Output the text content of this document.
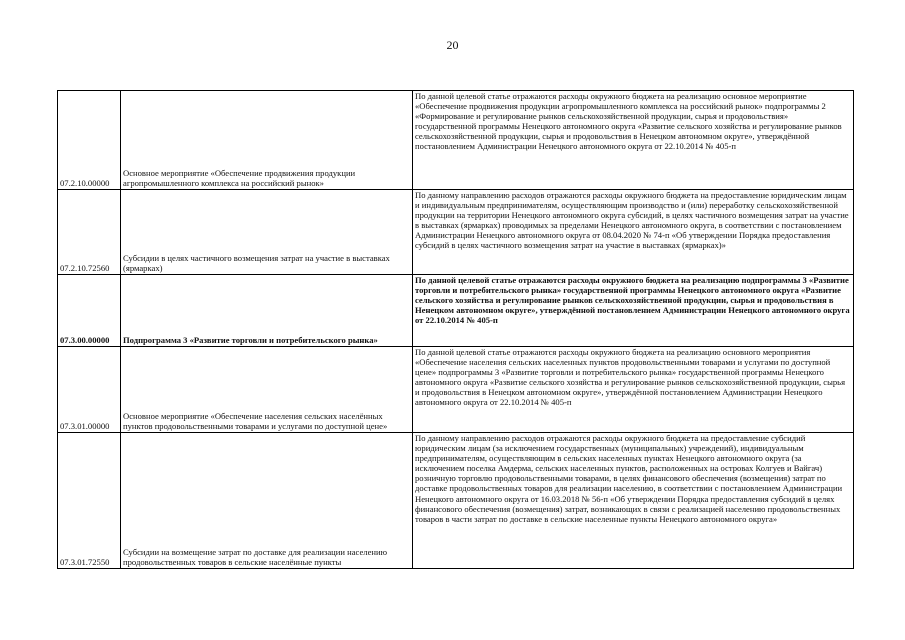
20
07.2.10.00000	Основное мероприятие «Обеспечение продвижения продукции агропромышленного комплекса на российский рынок»	По данной целевой статье отражаются расходы окружного бюджета на реализацию основное мероприятие «Обеспечение продвижения продукции агропромышленного комплекса на российский рынок» подпрограммы 2 «Формирование и регулирование рынков сельскохозяйственной продукции, сырья и продовольствия» государственной программы Ненецкого автономного округа «Развитие сельского хозяйства и регулирование рынков сельскохозяйственной продукции, сырья и продовольствия в Ненецком автономном округе», утверждённой постановлением Администрации Ненецкого автономного округа от 22.10.2014 № 405-п
07.2.10.72560	Субсидии в целях частичного возмещения затрат на участие в выставках (ярмарках)	По данному направлению расходов отражаются расходы окружного бюджета на предоставление юридическим лицам и индивидуальным предпринимателям, осуществляющим производство и (или) переработку сельскохозяйственной продукции на территории Ненецкого автономного округа субсидий, в целях частичного возмещения затрат на участие в выставках (ярмарках) проводимых за пределами Ненецкого автономного округа, в соответствии с постановлением Администрации Ненецкого автономного округа от 08.04.2020 № 74-п «Об утверждении Порядка предоставления субсидий в целях частичного возмещения затрат на участие в выставках (ярмарках)»
07.3.00.00000	Подпрограмма 3 «Развитие торговли и потребительского рынка»	По данной целевой статье отражаются расходы окружного бюджета на реализацию подпрограммы 3 «Развитие торговли и потребительского рынка» государственной программы Ненецкого автономного округа «Развитие сельского хозяйства и регулирование рынков сельскохозяйственной продукции, сырья и продовольствия в Ненецком автономном округе», утверждённой постановлением Администрации Ненецкого автономного округа от 22.10.2014 № 405-п
07.3.01.00000	Основное мероприятие «Обеспечение населения сельских населённых пунктов продовольственными товарами и услугами по доступной цене»	По данной целевой статье отражаются расходы окружного бюджета на реализацию основного мероприятия «Обеспечение населения сельских населенных пунктов продовольственными товарами и услугами по доступной цене» подпрограммы 3 «Развитие торговли и потребительского рынка» государственной программы Ненецкого автономного округа «Развитие сельского хозяйства и регулирование рынков сельскохозяйственной продукции, сырья и продовольствия в Ненецком автономном округе», утверждённой постановлением Администрации Ненецкого автономного округа от 22.10.2014 № 405-п
07.3.01.72550	Субсидии на возмещение затрат по доставке для реализации населению продовольственных товаров в сельские населённые пункты	По данному направлению расходов отражаются расходы окружного бюджета на предоставление субсидий юридическим лицам (за исключением государственных (муниципальных) учреждений), индивидуальным предпринимателям, осуществляющим в сельских населенных пунктах Ненецкого автономного округа (за исключением поселка Амдерма, сельских населенных пунктов, расположенных на островах Колгуев и Вайгач) розничную торговлю продовольственными товарами, в целях финансового обеспечения (возмещения) затрат по доставке продовольственных товаров для реализации населению, в соответствии с постановлением Администрации Ненецкого автономного округа от 16.03.2018 № 56-п «Об утверждении Порядка предоставления субсидий в целях финансового обеспечения (возмещения) затрат, возникающих в связи с реализацией населению продовольственных товаров в части затрат по доставке в сельские населенные пункты Ненецкого автономного округа»
